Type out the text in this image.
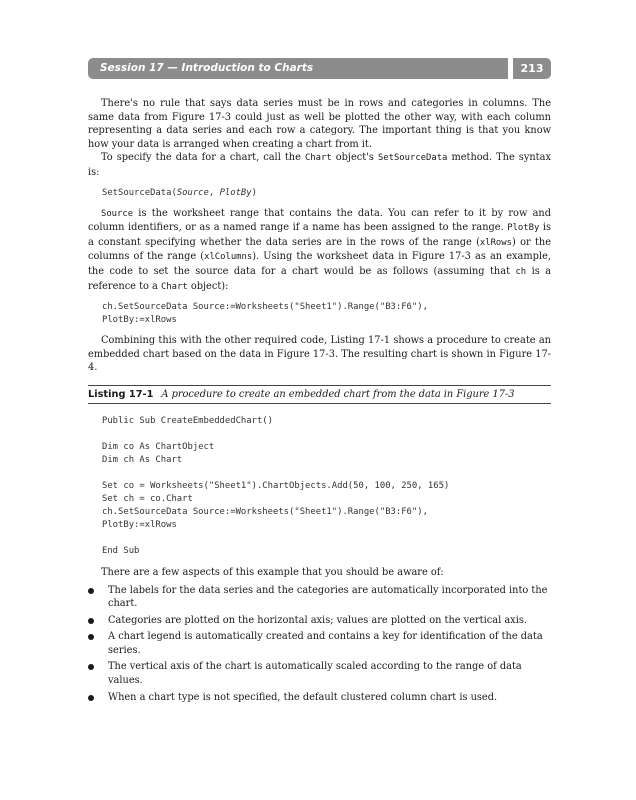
Session 17 — Introduction to Charts	213

There's no rule that says data series must be in rows and categories in columns. The same data from Figure 17-3 could just as well be plotted the other way, with each column representing a data series and each row a category. The important thing is that you know how your data is arranged when creating a chart from it.

To specify the data for a chart, call the Chart object's SetSourceData method. The syntax is:

SetSourceData(Source, PlotBy)

Source is the worksheet range that contains the data. You can refer to it by row and column identifiers, or as a named range if a name has been assigned to the range. PlotBy is a constant specifying whether the data series are in the rows of the range (xlRows) or the columns of the range (xlColumns). Using the worksheet data in Figure 17-3 as an example, the code to set the source data for a chart would be as follows (assuming that ch is a reference to a Chart object):

ch.SetSourceData Source:=Worksheets("Sheet1").Range("B3:F6"),
PlotBy:=xlRows

Combining this with the other required code, Listing 17-1 shows a procedure to create an embedded chart based on the data in Figure 17-3. The resulting chart is shown in Figure 17-4.

Listing 17-1 A procedure to create an embedded chart from the data in Figure 17-3
Public Sub CreateEmbeddedChart()

Dim co As ChartObject
Dim ch As Chart

Set co = Worksheets("Sheet1").ChartObjects.Add(50, 100, 250, 165)
Set ch = co.Chart
ch.SetSourceData Source:=Worksheets("Sheet1").Range("B3:F6"),
PlotBy:=xlRows

End Sub

There are a few aspects of this example that you should be aware of:

The labels for the data series and the categories are automatically incorporated into the chart.
Categories are plotted on the horizontal axis; values are plotted on the vertical axis.
A chart legend is automatically created and contains a key for identification of the data series.
The vertical axis of the chart is automatically scaled according to the range of data values.
When a chart type is not specified, the default clustered column chart is used.
